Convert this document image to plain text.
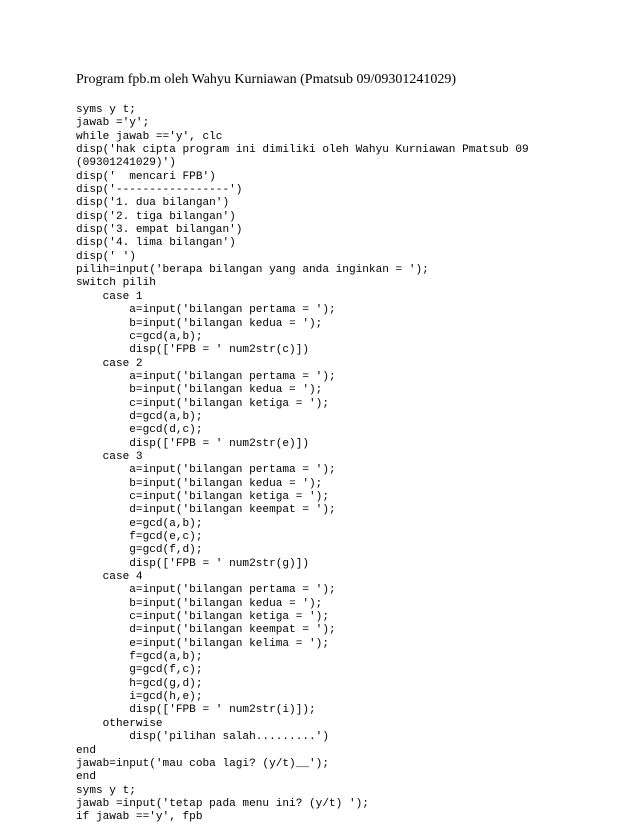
Program fpb.m oleh Wahyu Kurniawan (Pmatsub 09/09301241029)
syms y t;
jawab ='y';
while jawab =='y', clc
disp('hak cipta program ini dimiliki oleh Wahyu Kurniawan Pmatsub 09
(09301241029)')
disp('  mencari FPB')
disp('-----------------')
disp('1. dua bilangan')
disp('2. tiga bilangan')
disp('3. empat bilangan')
disp('4. lima bilangan')
disp(' ')
pilih=input('berapa bilangan yang anda inginkan = ');
switch pilih
case 1
a=input('bilangan pertama = ');
b=input('bilangan kedua = ');
c=gcd(a,b);
disp(['FPB = ' num2str(c)])
case 2
a=input('bilangan pertama = ');
b=input('bilangan kedua = ');
c=input('bilangan ketiga = ');
d=gcd(a,b);
e=gcd(d,c);
disp(['FPB = ' num2str(e)])
case 3
a=input('bilangan pertama = ');
b=input('bilangan kedua = ');
c=input('bilangan ketiga = ');
d=input('bilangan keempat = ');
e=gcd(a,b);
f=gcd(e,c);
g=gcd(f,d);
disp(['FPB = ' num2str(g)])
case 4
a=input('bilangan pertama = ');
b=input('bilangan kedua = ');
c=input('bilangan ketiga = ');
d=input('bilangan keempat = ');
e=input('bilangan kelima = ');
f=gcd(a,b);
g=gcd(f,c);
h=gcd(g,d);
i=gcd(h,e);
disp(['FPB = ' num2str(i)]);
otherwise
disp('pilihan salah.........')
end
jawab=input('mau coba lagi? (y/t)__');
end
syms y t;
jawab =input('tetap pada menu ini? (y/t) ');
if jawab =='y', fpb
